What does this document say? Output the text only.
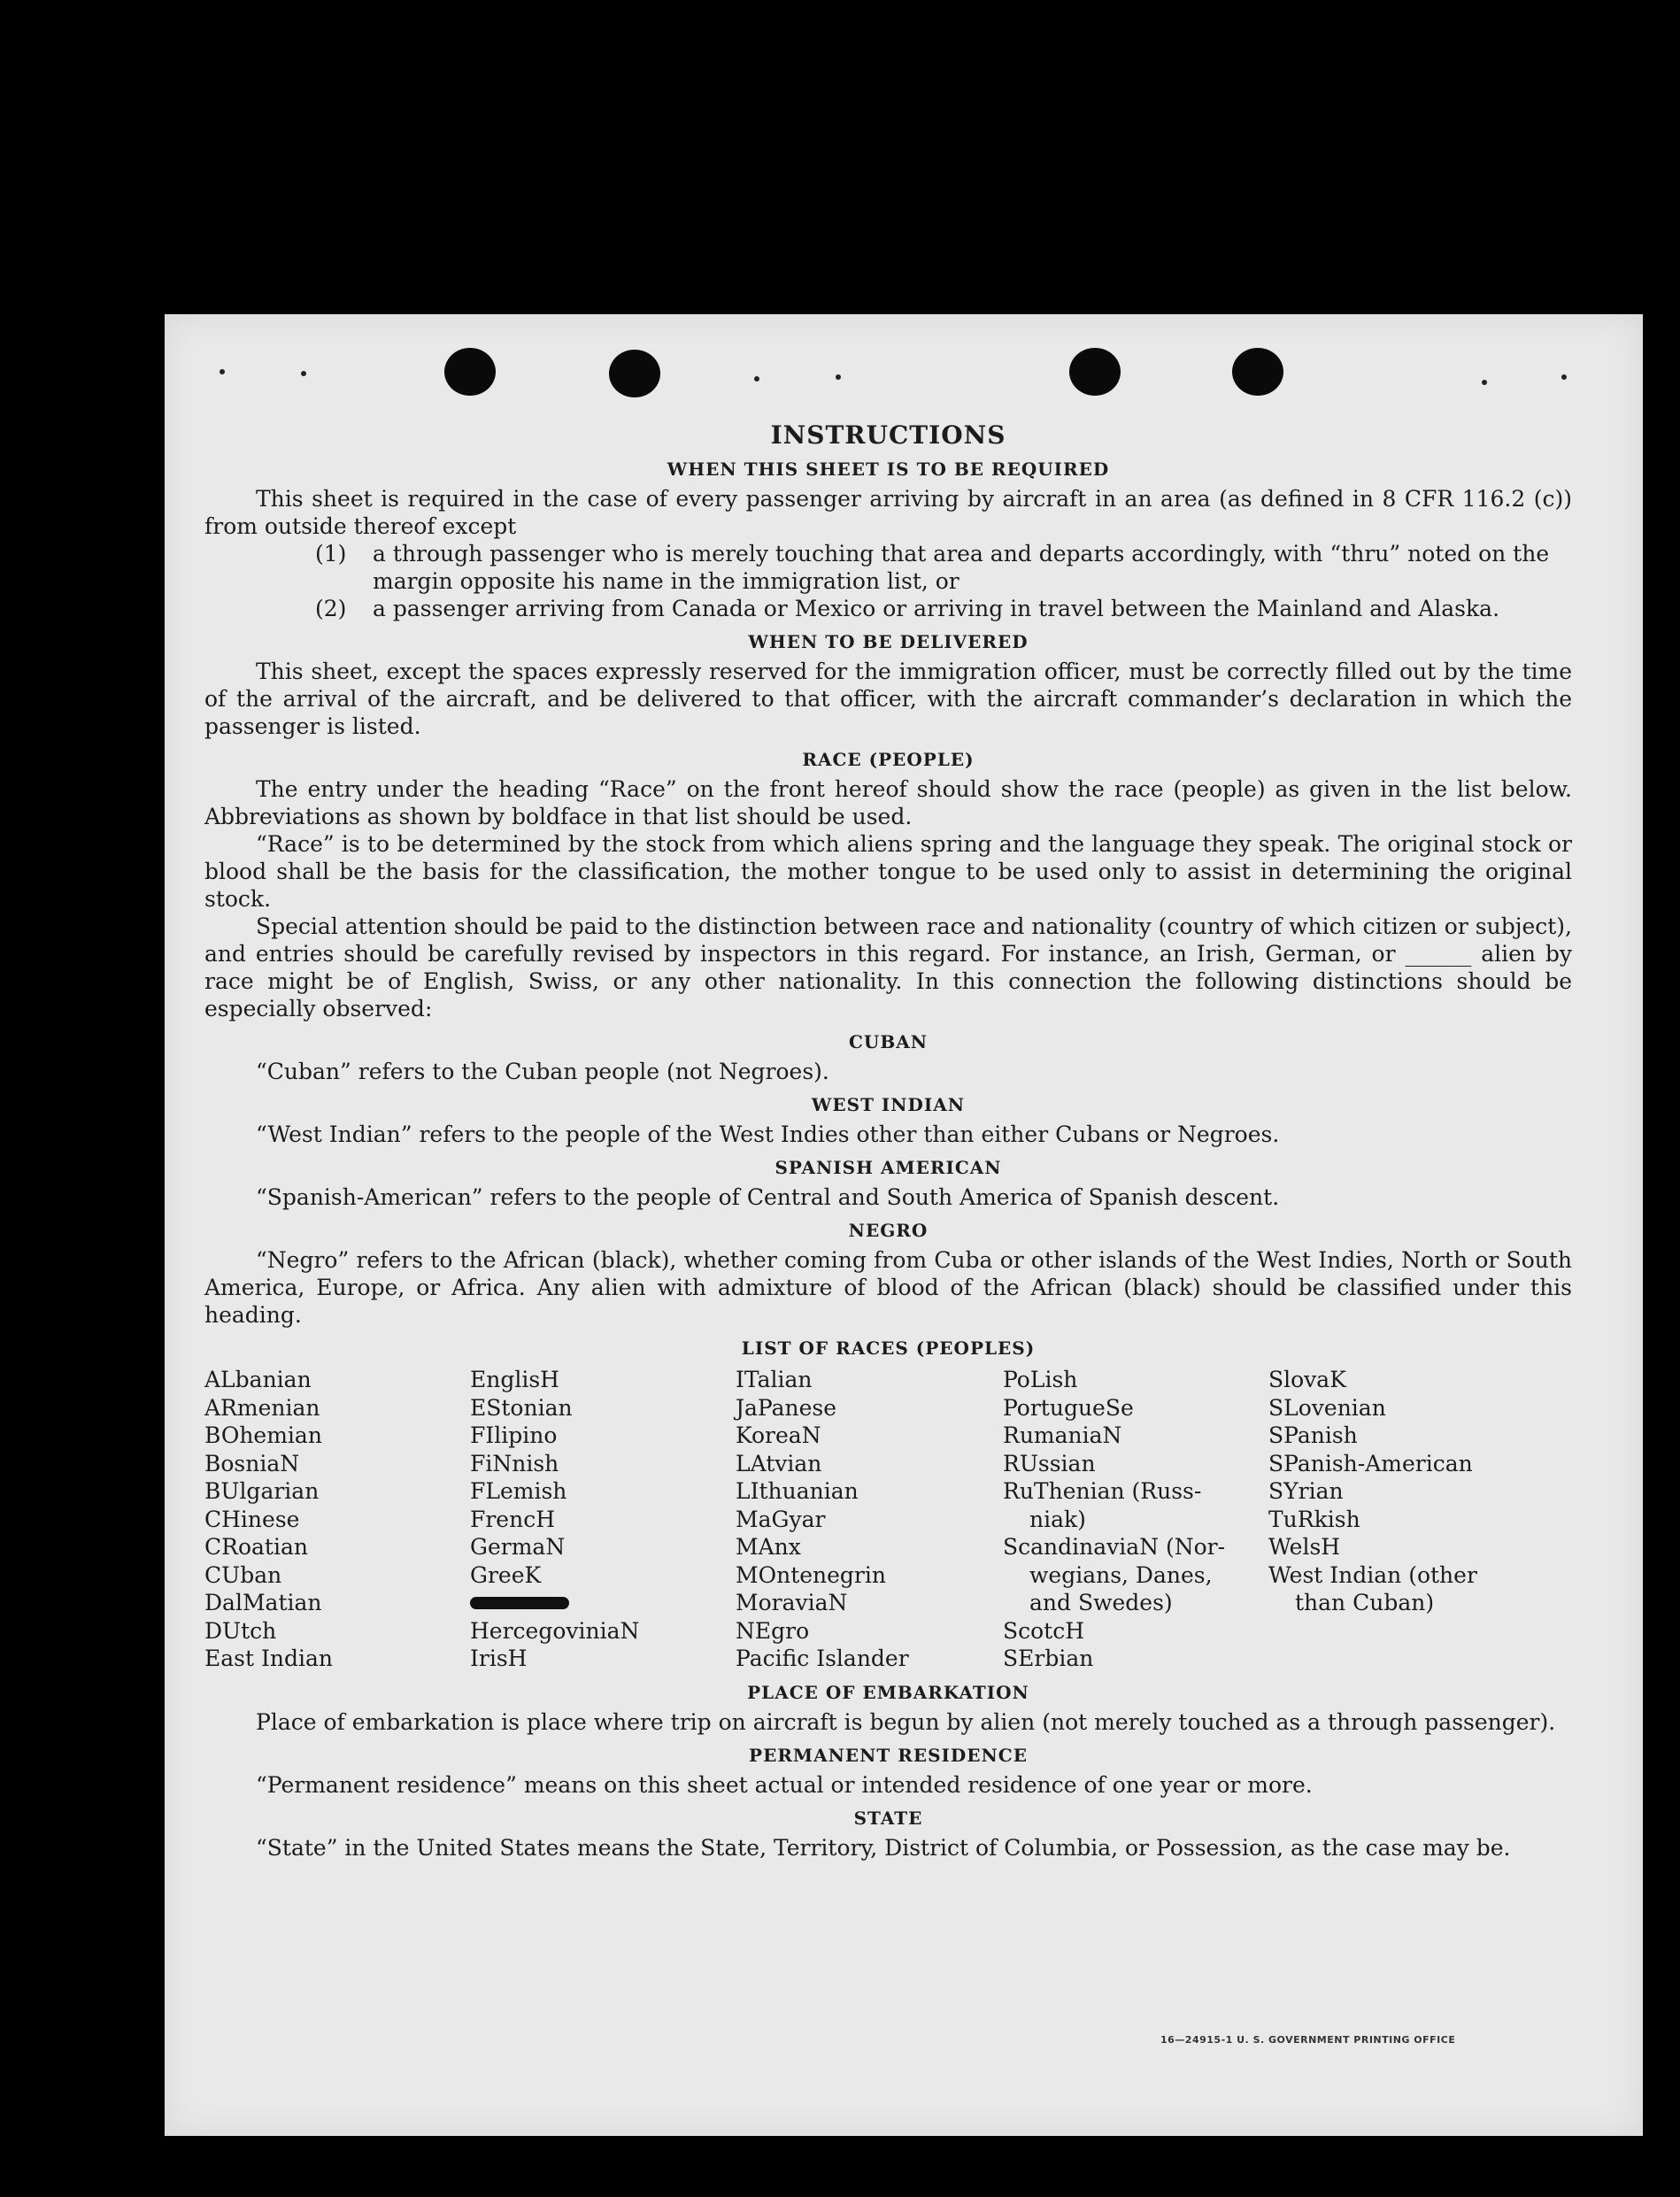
INSTRUCTIONS
WHEN THIS SHEET IS TO BE REQUIRED

This sheet is required in the case of every passenger arriving by aircraft in an area (as defined in 8 CFR 116.2 (c)) from outside thereof except

(1) a through passenger who is merely touching that area and departs accordingly, with “thru” noted on the margin opposite his name in the immigration list, or
(2) a passenger arriving from Canada or Mexico or arriving in travel between the Mainland and Alaska.
WHEN TO BE DELIVERED

This sheet, except the spaces expressly reserved for the immigration officer, must be correctly filled out by the time of the arrival of the aircraft, and be delivered to that officer, with the aircraft commander’s declaration in which the passenger is listed.

RACE (PEOPLE)

The entry under the heading “Race” on the front hereof should show the race (people) as given in the list below. Abbreviations as shown by boldface in that list should be used.

“Race” is to be determined by the stock from which aliens spring and the language they speak. The original stock or blood shall be the basis for the classification, the mother tongue to be used only to assist in determining the original stock.

Special attention should be paid to the distinction between race and nationality (country of which citizen or subject), and entries should be carefully revised by inspectors in this regard. For instance, an Irish, German, or ______ alien by race might be of English, Swiss, or any other nationality. In this connection the following distinctions should be especially observed:

CUBAN

“Cuban” refers to the Cuban people (not Negroes).

WEST INDIAN

“West Indian” refers to the people of the West Indies other than either Cubans or Negroes.

SPANISH AMERICAN

“Spanish-American” refers to the people of Central and South America of Spanish descent.

NEGRO

“Negro” refers to the African (black), whether coming from Cuba or other islands of the West Indies, North or South America, Europe, or Africa. Any alien with admixture of blood of the African (black) should be classified under this heading.

LIST OF RACES (PEOPLES)
ALbanian
ARmenian
BOhemian
BosniaN
BUlgarian
CHinese
CRoatian
CUban
DalMatian
DUtch
East Indian
EnglisH
EStonian
FIlipino
FiNnish
FLemish
FrencH
GermaN
GreeK
HercegoviniaN
IrisH
ITalian
JaPanese
KoreaN
LAtvian
LIthuanian
MaGyar
MAnx
MOntenegrin
MoraviaN
NEgro
Pacific Islander
PoLish
PortugueSe
RumaniaN
RUssian
RuThenian (Russ-
niak)
ScandinaviaN (Nor-
wegians, Danes,
and Swedes)
ScotcH
SErbian
SlovaK
SLovenian
SPanish
SPanish-American
SYrian
TuRkish
WelsH
West Indian (other
than Cuban)
PLACE OF EMBARKATION

Place of embarkation is place where trip on aircraft is begun by alien (not merely touched as a through passenger).

PERMANENT RESIDENCE

“Permanent residence” means on this sheet actual or intended residence of one year or more.

STATE

“State” in the United States means the State, Territory, District of Columbia, or Possession, as the case may be.

16—24915-1 U. S. GOVERNMENT PRINTING OFFICE
